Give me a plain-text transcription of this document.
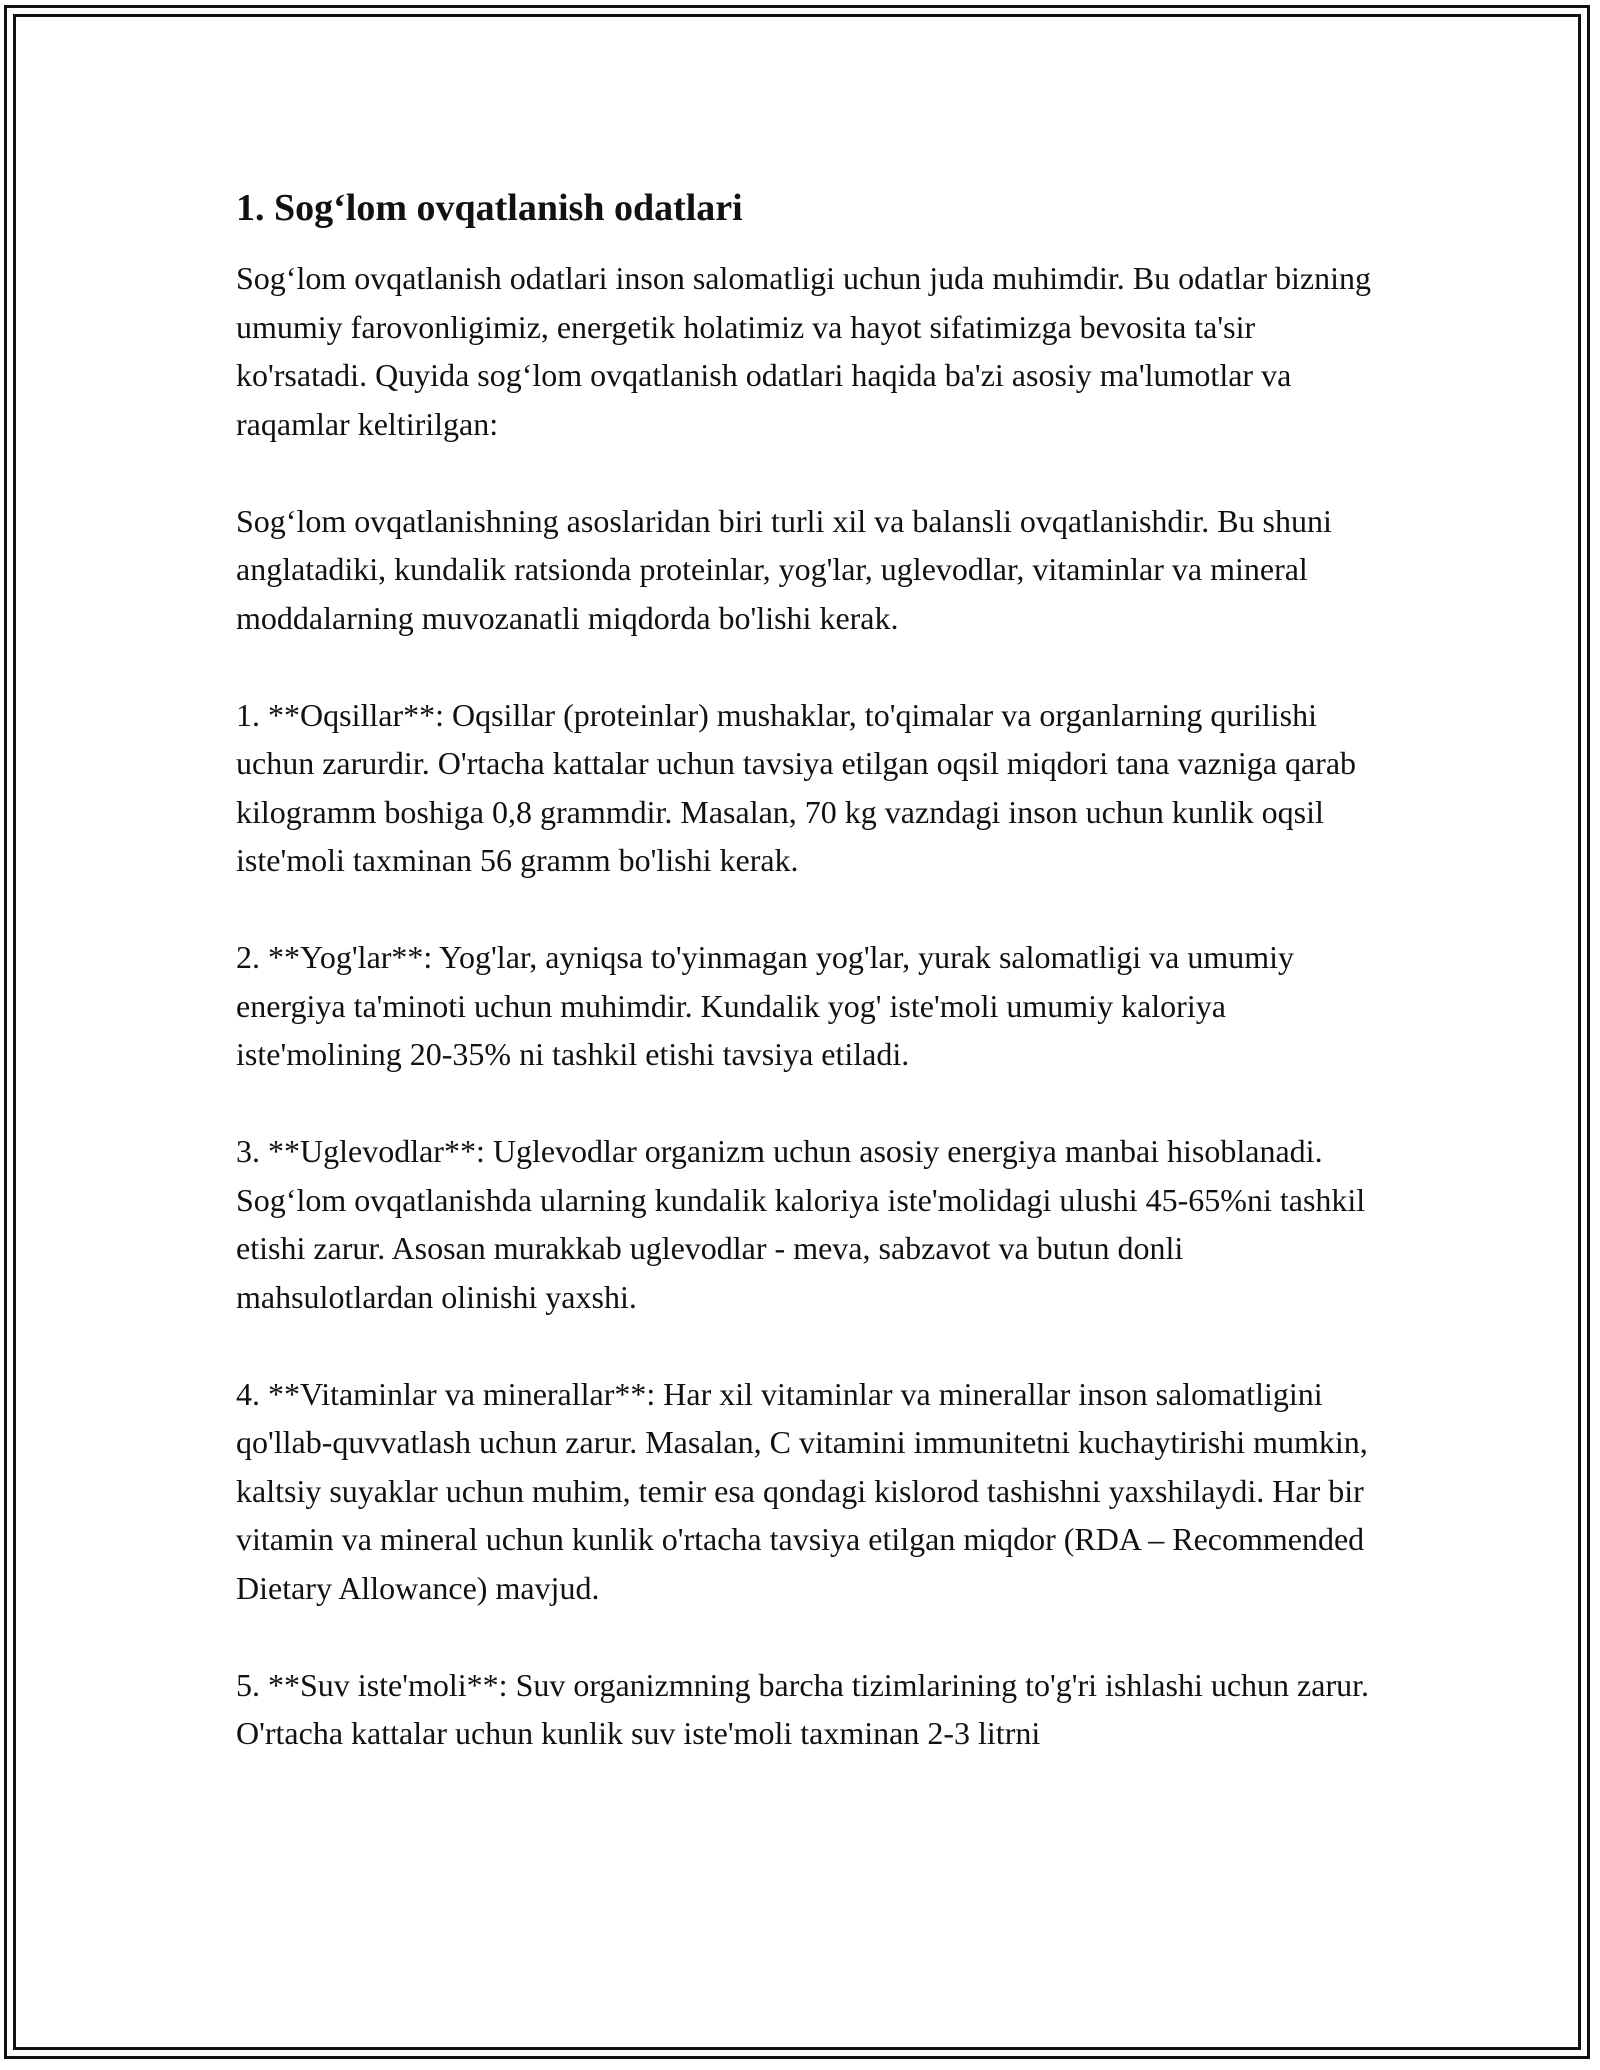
1. Sog‘lom ovqatlanish odatlari

Sog‘lom ovqatlanish odatlari inson salomatligi uchun juda muhimdir. Bu odatlar bizning umumiy farovonligimiz, energetik holatimiz va hayot sifatimizga bevosita ta'sir ko'rsatadi. Quyida sog‘lom ovqatlanish odatlari haqida ba'zi asosiy ma'lumotlar va raqamlar keltirilgan:

Sog‘lom ovqatlanishning asoslaridan biri turli xil va balansli ovqatlanishdir. Bu shuni anglatadiki, kundalik ratsionda proteinlar, yog'lar, uglevodlar, vitaminlar va mineral moddalarning muvozanatli miqdorda bo'lishi kerak.

1. **Oqsillar**: Oqsillar (proteinlar) mushaklar, to'qimalar va organlarning qurilishi uchun zarurdir. O'rtacha kattalar uchun tavsiya etilgan oqsil miqdori tana vazniga qarab kilogramm boshiga 0,8 grammdir. Masalan, 70 kg vazndagi inson uchun kunlik oqsil iste'moli taxminan 56 gramm bo'lishi kerak.

2. **Yog'lar**: Yog'lar, ayniqsa to'yinmagan yog'lar, yurak salomatligi va umumiy energiya ta'minoti uchun muhimdir. Kundalik yog' iste'moli umumiy kaloriya iste'molining 20-35% ni tashkil etishi tavsiya etiladi.

3. **Uglevodlar**: Uglevodlar organizm uchun asosiy energiya manbai hisoblanadi. Sog‘lom ovqatlanishda ularning kundalik kaloriya iste'molidagi ulushi 45-65%ni tashkil etishi zarur. Asosan murakkab uglevodlar - meva, sabzavot va butun donli mahsulotlardan olinishi yaxshi.

4. **Vitaminlar va minerallar**: Har xil vitaminlar va minerallar inson salomatligini qo'llab-quvvatlash uchun zarur. Masalan, C vitamini immunitetni kuchaytirishi mumkin, kaltsiy suyaklar uchun muhim, temir esa qondagi kislorod tashishni yaxshilaydi. Har bir vitamin va mineral uchun kunlik o'rtacha tavsiya etilgan miqdor (RDA – Recommended Dietary Allowance) mavjud.

5. **Suv iste'moli**: Suv organizmning barcha tizimlarining to'g'ri ishlashi uchun zarur. O'rtacha kattalar uchun kunlik suv iste'moli taxminan 2-3 litrni
